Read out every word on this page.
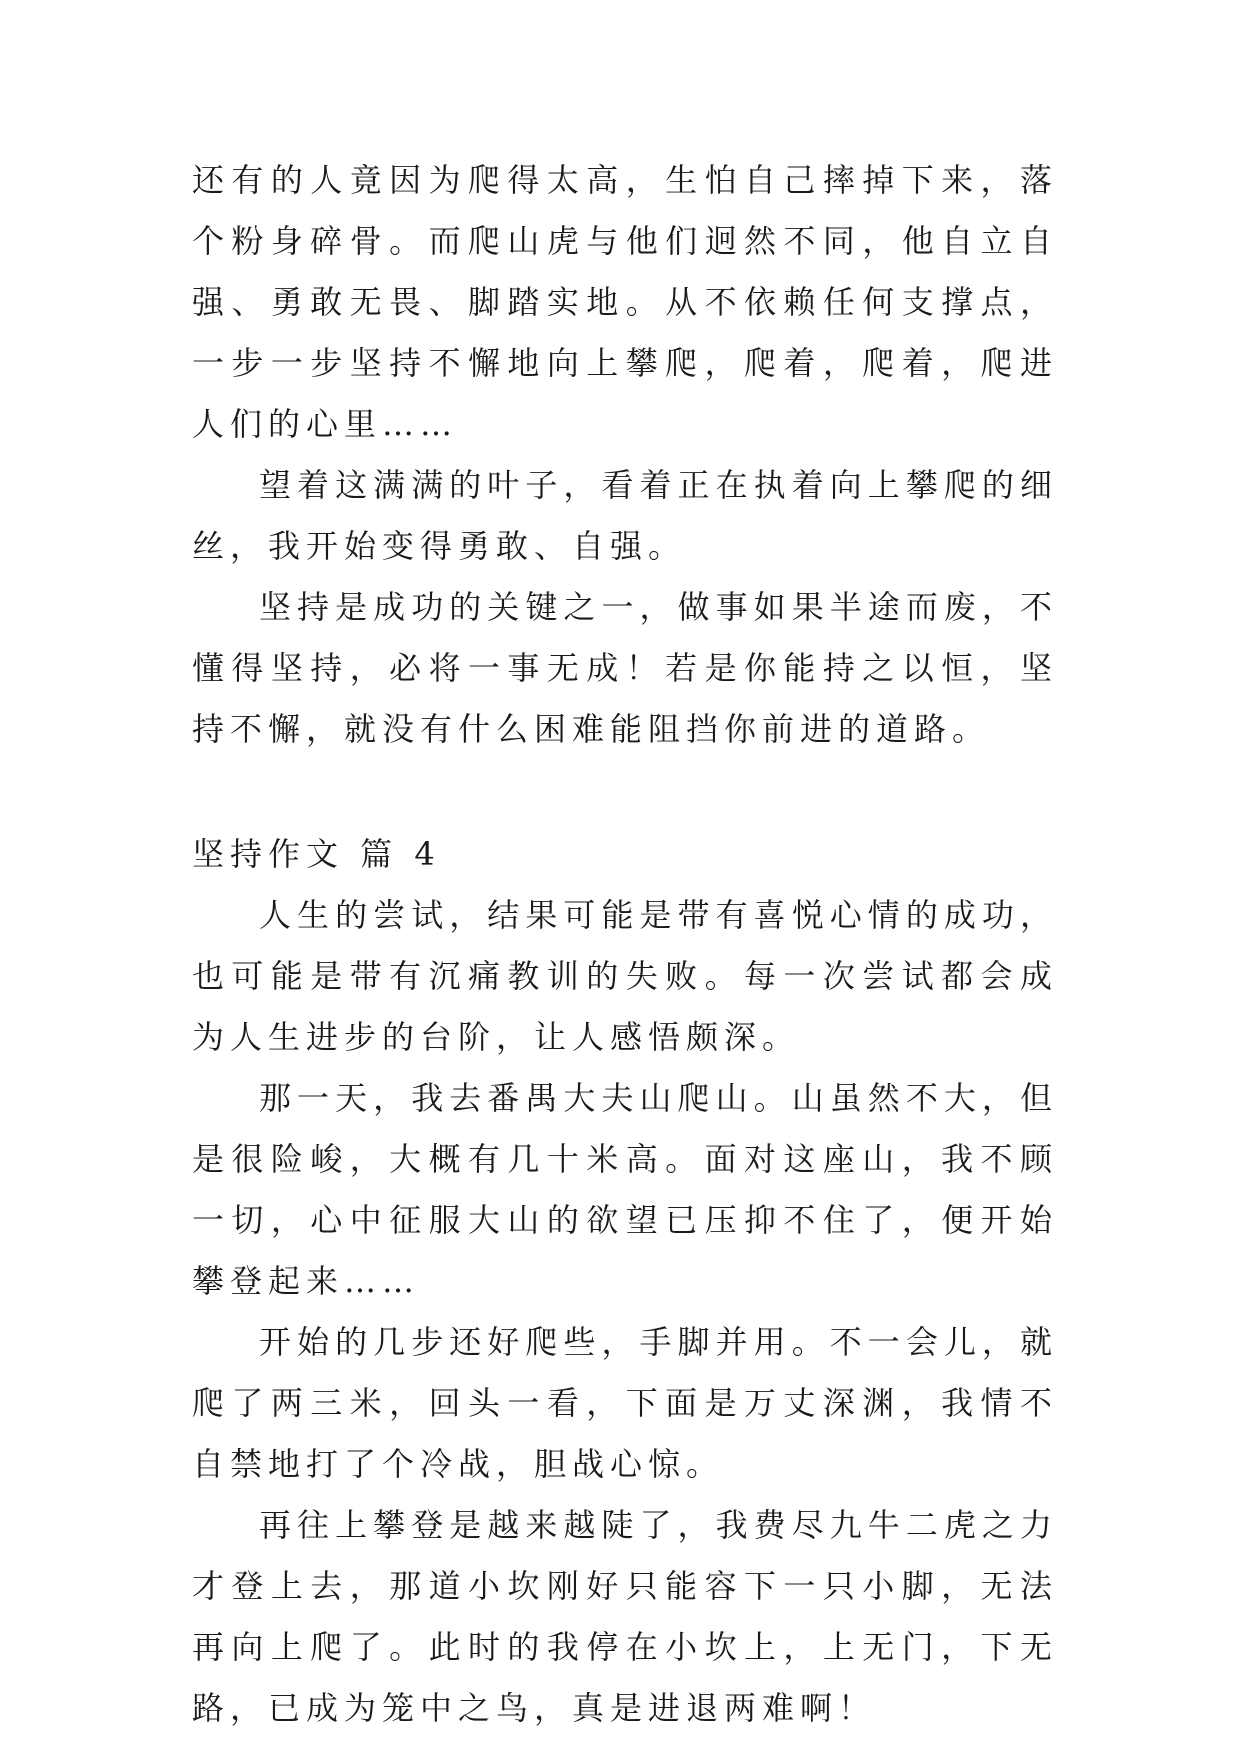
还有的人竟因为爬得太高，生怕自己摔掉下来，落个粉身碎骨。而爬山虎与他们迥然不同，他自立自强、勇敢无畏、脚踏实地。从不依赖任何支撑点，一步一步坚持不懈地向上攀爬，爬着，爬着，爬进人们的心里……

望着这满满的叶子，看着正在执着向上攀爬的细丝，我开始变得勇敢、自强。

坚持是成功的关键之一，做事如果半途而废，不懂得坚持，必将一事无成！若是你能持之以恒，坚持不懈，就没有什么困难能阻挡你前进的道路。

坚持作文 篇 4

人生的尝试，结果可能是带有喜悦心情的成功，也可能是带有沉痛教训的失败。每一次尝试都会成为人生进步的台阶，让人感悟颇深。

那一天，我去番禺大夫山爬山。山虽然不大，但是很险峻，大概有几十米高。面对这座山，我不顾一切，心中征服大山的欲望已压抑不住了，便开始攀登起来……

开始的几步还好爬些，手脚并用。不一会儿，就爬了两三米，回头一看，下面是万丈深渊，我情不自禁地打了个冷战，胆战心惊。

再往上攀登是越来越陡了，我费尽九牛二虎之力才登上去，那道小坎刚好只能容下一只小脚，无法再向上爬了。此时的我停在小坎上，上无门，下无路，已成为笼中之鸟，真是进退两难啊！
